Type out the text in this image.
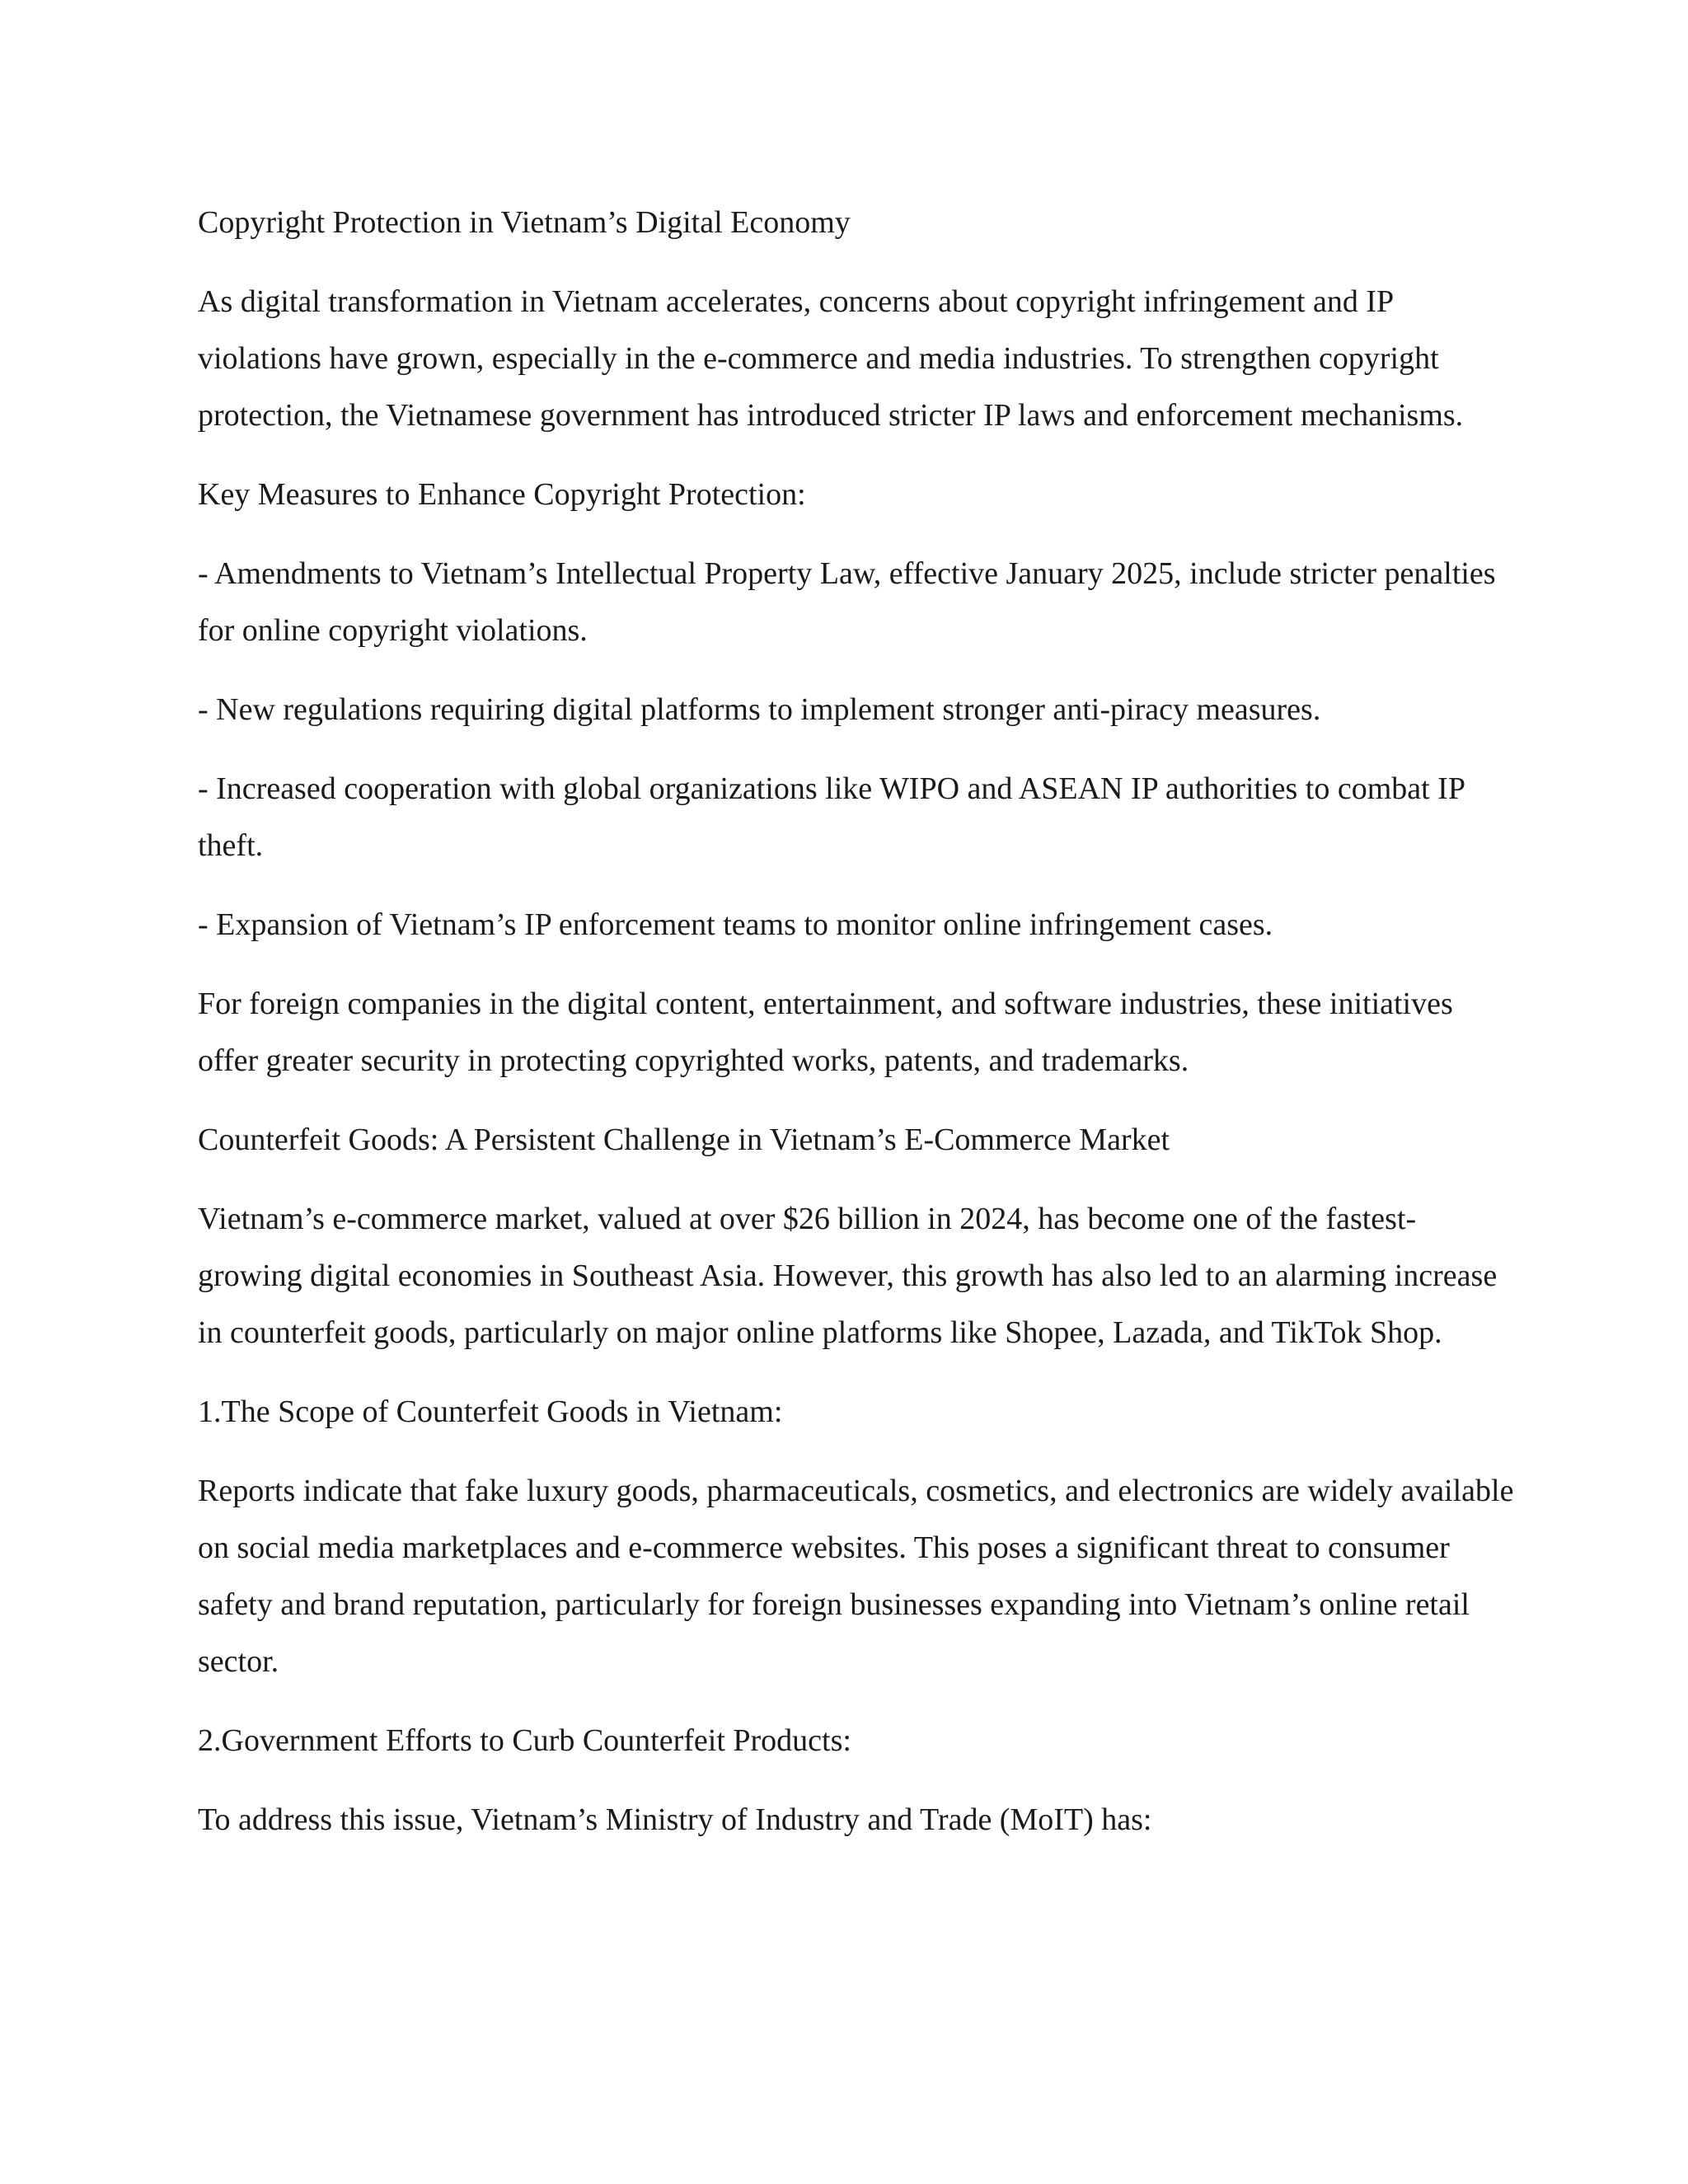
Copyright Protection in Vietnam’s Digital Economy

As digital transformation in Vietnam accelerates, concerns about copyright infringement and IP violations have grown, especially in the e-commerce and media industries. To strengthen copyright protection, the Vietnamese government has introduced stricter IP laws and enforcement mechanisms.

Key Measures to Enhance Copyright Protection:

- Amendments to Vietnam’s Intellectual Property Law, effective January 2025, include stricter penalties for online copyright violations.

- New regulations requiring digital platforms to implement stronger anti-piracy measures.

- Increased cooperation with global organizations like WIPO and ASEAN IP authorities to combat IP theft.

- Expansion of Vietnam’s IP enforcement teams to monitor online infringement cases.

For foreign companies in the digital content, entertainment, and software industries, these initiatives offer greater security in protecting copyrighted works, patents, and trademarks.

Counterfeit Goods: A Persistent Challenge in Vietnam’s E-Commerce Market

Vietnam’s e-commerce market, valued at over $26 billion in 2024, has become one of the fastest-growing digital economies in Southeast Asia. However, this growth has also led to an alarming increase in counterfeit goods, particularly on major online platforms like Shopee, Lazada, and TikTok Shop.

1.The Scope of Counterfeit Goods in Vietnam:

Reports indicate that fake luxury goods, pharmaceuticals, cosmetics, and electronics are widely available on social media marketplaces and e-commerce websites. This poses a significant threat to consumer safety and brand reputation, particularly for foreign businesses expanding into Vietnam’s online retail sector.

2.Government Efforts to Curb Counterfeit Products:

To address this issue, Vietnam’s Ministry of Industry and Trade (MoIT) has:
